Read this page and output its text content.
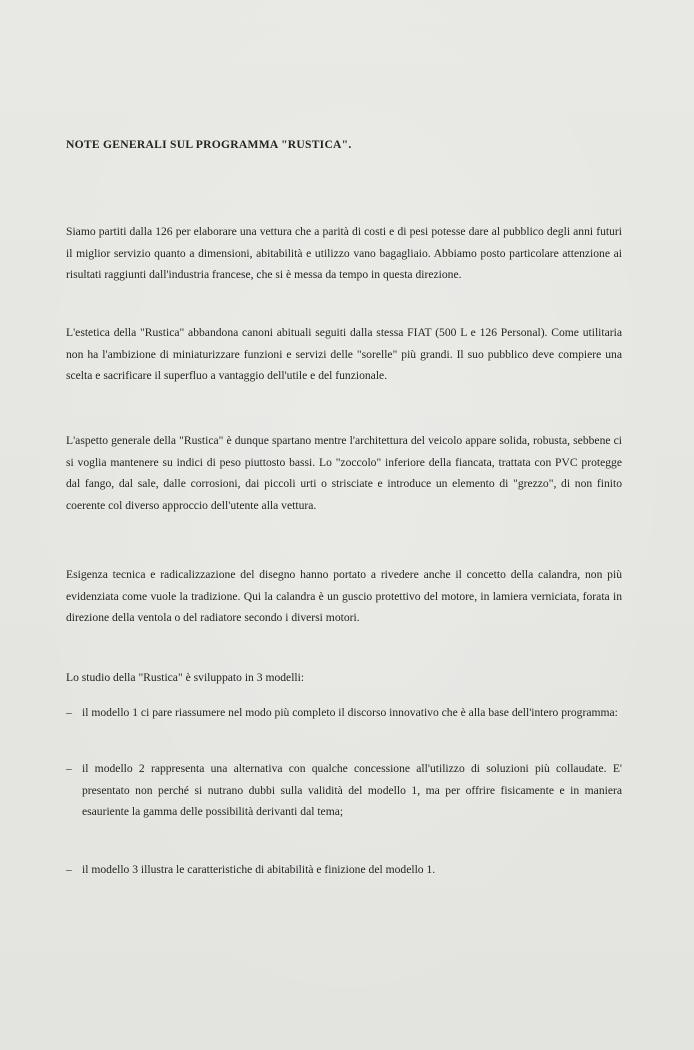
NOTE GENERALI SUL PROGRAMMA "RUSTICA".

Siamo partiti dalla 126 per elaborare una vettura che a parità di costi e di pesi potesse dare al pubblico degli anni futuri il miglior servizio quanto a dimensioni, abitabilità e utilizzo vano bagagliaio. Abbiamo posto particolare attenzione ai risultati raggiunti dall'industria francese, che si è messa da tempo in questa direzione.

L'estetica della "Rustica" abbandona canoni abituali seguiti dalla stessa FIAT (500 L e 126 Personal). Come utilitaria non ha l'ambizione di miniaturizzare funzioni e servizi delle "sorelle" più grandi. Il suo pubblico deve compiere una scelta e sacrificare il superfluo a vantaggio dell'utile e del funzionale.

L'aspetto generale della "Rustica" è dunque spartano mentre l'architettura del veicolo appare solida, robusta, sebbene ci si voglia mantenere su indici di peso piuttosto bassi. Lo "zoccolo" inferiore della fiancata, trattata con PVC protegge dal fango, dal sale, dalle corrosioni, dai piccoli urti o strisciate e introduce un elemento di "grezzo", di non finito coerente col diverso approccio dell'utente alla vettura.

Esigenza tecnica e radicalizzazione del disegno hanno portato a rivedere anche il concetto della calandra, non più evidenziata come vuole la tradizione. Qui la calandra è un guscio protettivo del motore, in lamiera verniciata, forata in direzione della ventola o del radiatore secondo i diversi motori.

Lo studio della "Rustica" è sviluppato in 3 modelli:

– il modello 1 ci pare riassumere nel modo più completo il discorso innovativo che è alla base dell'intero programma:
– il modello 2 rappresenta una alternativa con qualche concessione all'utilizzo di soluzioni più collaudate. E' presentato non perché si nutrano dubbi sulla validità del modello 1, ma per offrire fisicamente e in maniera esauriente la gamma delle possibilità derivanti dal tema;
– il modello 3 illustra le caratteristiche di abitabilità e finizione del modello 1.
